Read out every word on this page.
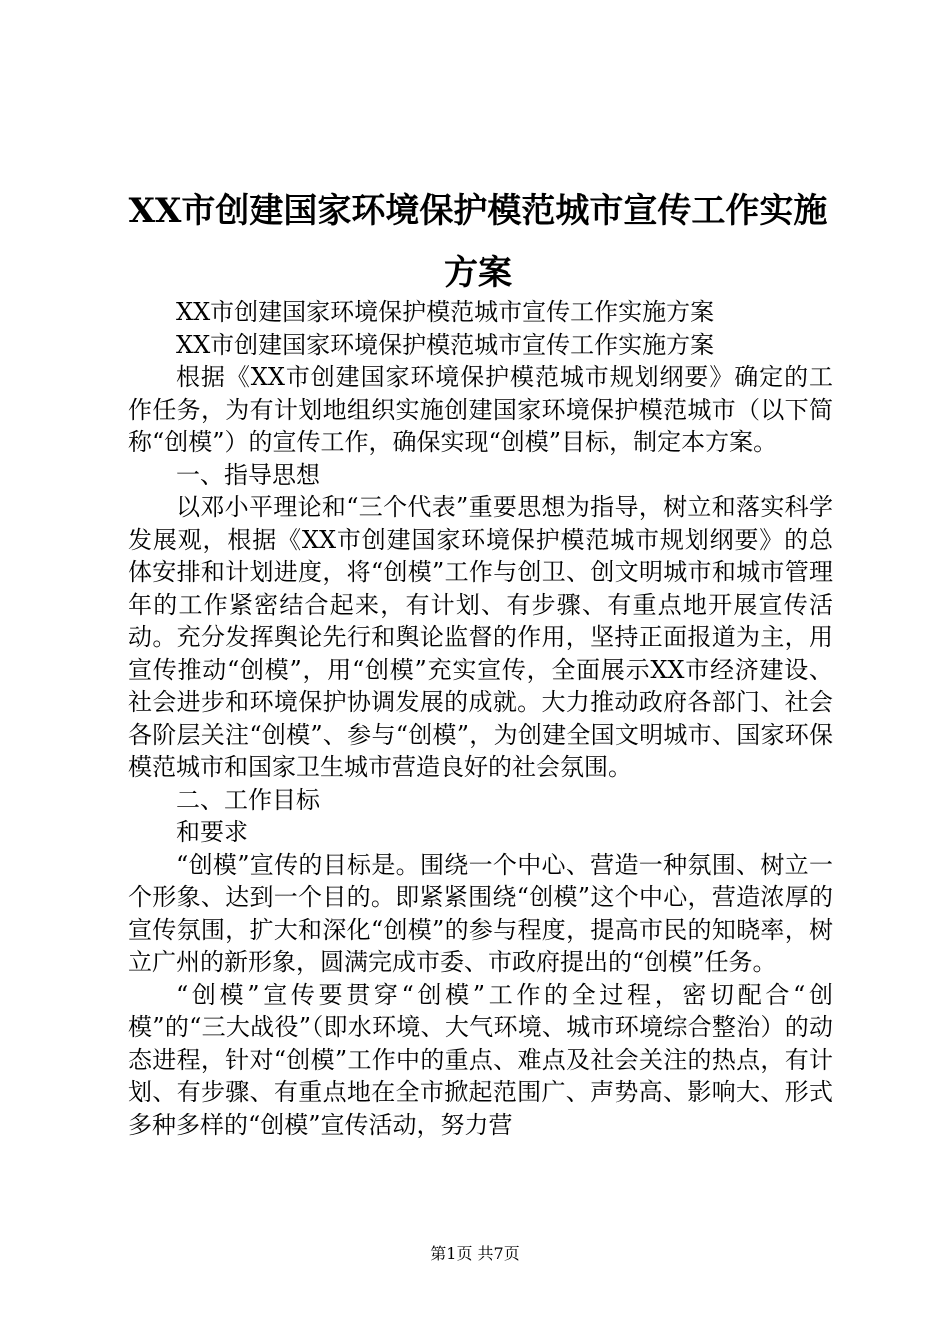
XX市创建国家环境保护模范城市宣传工作实施方案

XX市创建国家环境保护模范城市宣传工作实施方案

XX市创建国家环境保护模范城市宣传工作实施方案

根据《XX市创建国家环境保护模范城市规划纲要》确定的工作任务，为有计划地组织实施创建国家环境保护模范城市（以下简称“创模”）的宣传工作，确保实现“创模”目标，制定本方案。

一、指导思想

以邓小平理论和“三个代表”重要思想为指导，树立和落实科学发展观，根据《XX市创建国家环境保护模范城市规划纲要》的总体安排和计划进度，将“创模”工作与创卫、创文明城市和城市管理年的工作紧密结合起来，有计划、有步骤、有重点地开展宣传活动。充分发挥舆论先行和舆论监督的作用，坚持正面报道为主，用宣传推动“创模”，用“创模”充实宣传，全面展示XX市经济建设、社会进步和环境保护协调发展的成就。大力推动政府各部门、社会各阶层关注“创模”、参与“创模”，为创建全国文明城市、国家环保模范城市和国家卫生城市营造良好的社会氛围。

二、工作目标

和要求

“创模”宣传的目标是。围绕一个中心、营造一种氛围、树立一个形象、达到一个目的。即紧紧围绕“创模”这个中心，营造浓厚的宣传氛围，扩大和深化“创模”的参与程度，提高市民的知晓率，树立广州的新形象，圆满完成市委、市政府提出的“创模”任务。

“创模”宣传要贯穿“创模”工作的全过程，密切配合“创模”的“三大战役”（即水环境、大气环境、城市环境综合整治）的动态进程，针对“创模”工作中的重点、难点及社会关注的热点，有计划、有步骤、有重点地在全市掀起范围广、声势高、影响大、形式多种多样的“创模”宣传活动，努力营

第1页 共7页
